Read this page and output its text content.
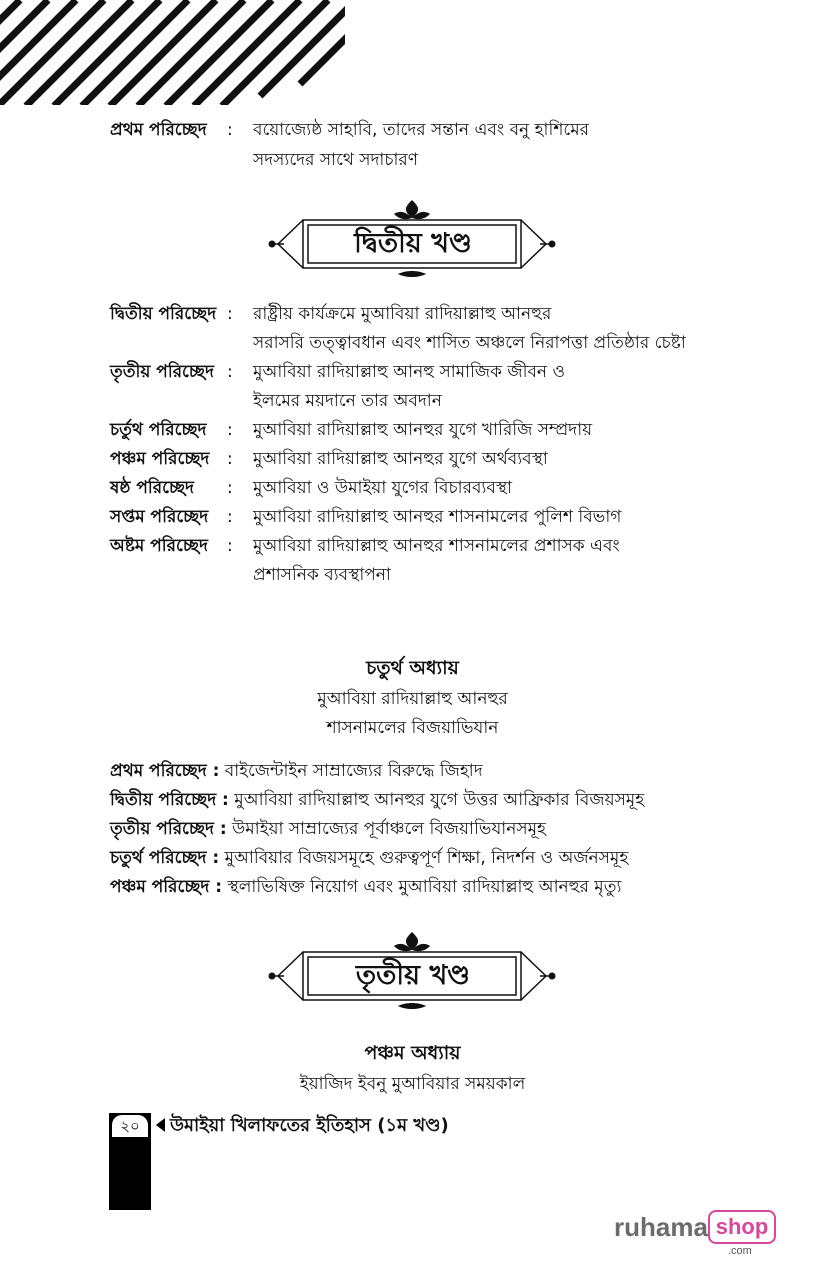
প্রথম পরিচ্ছেদ : বয়োজ্যেষ্ঠ সাহাবি, তাদের সন্তান এবং বনু হাশিমের
সদস্যদের সাথে সদাচারণ
দ্বিতীয় খণ্ড
দ্বিতীয় পরিচ্ছেদ : রাষ্ট্রীয় কার্যক্রমে মুআবিয়া রাদিয়াল্লাহু আনহুর
সরাসরি তত্ত্বাবধান এবং শাসিত অঞ্চলে নিরাপত্তা প্রতিষ্ঠার চেষ্টা
তৃতীয় পরিচ্ছেদ : মুআবিয়া রাদিয়াল্লাহু আনহু সামাজিক জীবন ও
ইলমের ময়দানে তার অবদান
চর্তুথ পরিচ্ছেদ : মুআবিয়া রাদিয়াল্লাহু আনহুর যুগে খারিজি সম্প্রদায়
পঞ্চম পরিচ্ছেদ : মুআবিয়া রাদিয়াল্লাহু আনহুর যুগে অর্থব্যবস্থা
ষষ্ঠ পরিচ্ছেদ : মুআবিয়া ও উমাইয়া যুগের বিচারব্যবস্থা
সপ্তম পরিচ্ছেদ : মুআবিয়া রাদিয়াল্লাহু আনহুর শাসনামলের পুলিশ বিভাগ
অষ্টম পরিচ্ছেদ : মুআবিয়া রাদিয়াল্লাহু আনহুর শাসনামলের প্রশাসক এবং
প্রশাসনিক ব্যবস্থাপনা
চতুর্থ অধ্যায়
মুআবিয়া রাদিয়াল্লাহু আনহুর
শাসনামলের বিজয়াভিযান
প্রথম পরিচ্ছেদ : বাইজেন্টাইন সাম্রাজ্যের বিরুদ্ধে জিহাদ
দ্বিতীয় পরিচ্ছেদ : মুআবিয়া রাদিয়াল্লাহু আনহুর যুগে উত্তর আফ্রিকার বিজয়সমূহ
তৃতীয় পরিচ্ছেদ : উমাইয়া সাম্রাজ্যের পূর্বাঞ্চলে বিজয়াভিযানসমূহ
চতুর্থ পরিচ্ছেদ : মুআবিয়ার বিজয়সমূহে গুরুত্বপূর্ণ শিক্ষা, নিদর্শন ও অর্জনসমূহ
পঞ্চম পরিচ্ছেদ : স্থলাভিষিক্ত নিয়োগ এবং মুআবিয়া রাদিয়াল্লাহু আনহুর মৃত্যু
তৃতীয় খণ্ড
পঞ্চম অধ্যায়
ইয়াজিদ ইবনু মুআবিয়ার সময়কাল
২০	উমাইয়া খিলাফতের ইতিহাস (১ম খণ্ড)
ruhama shop
.com
